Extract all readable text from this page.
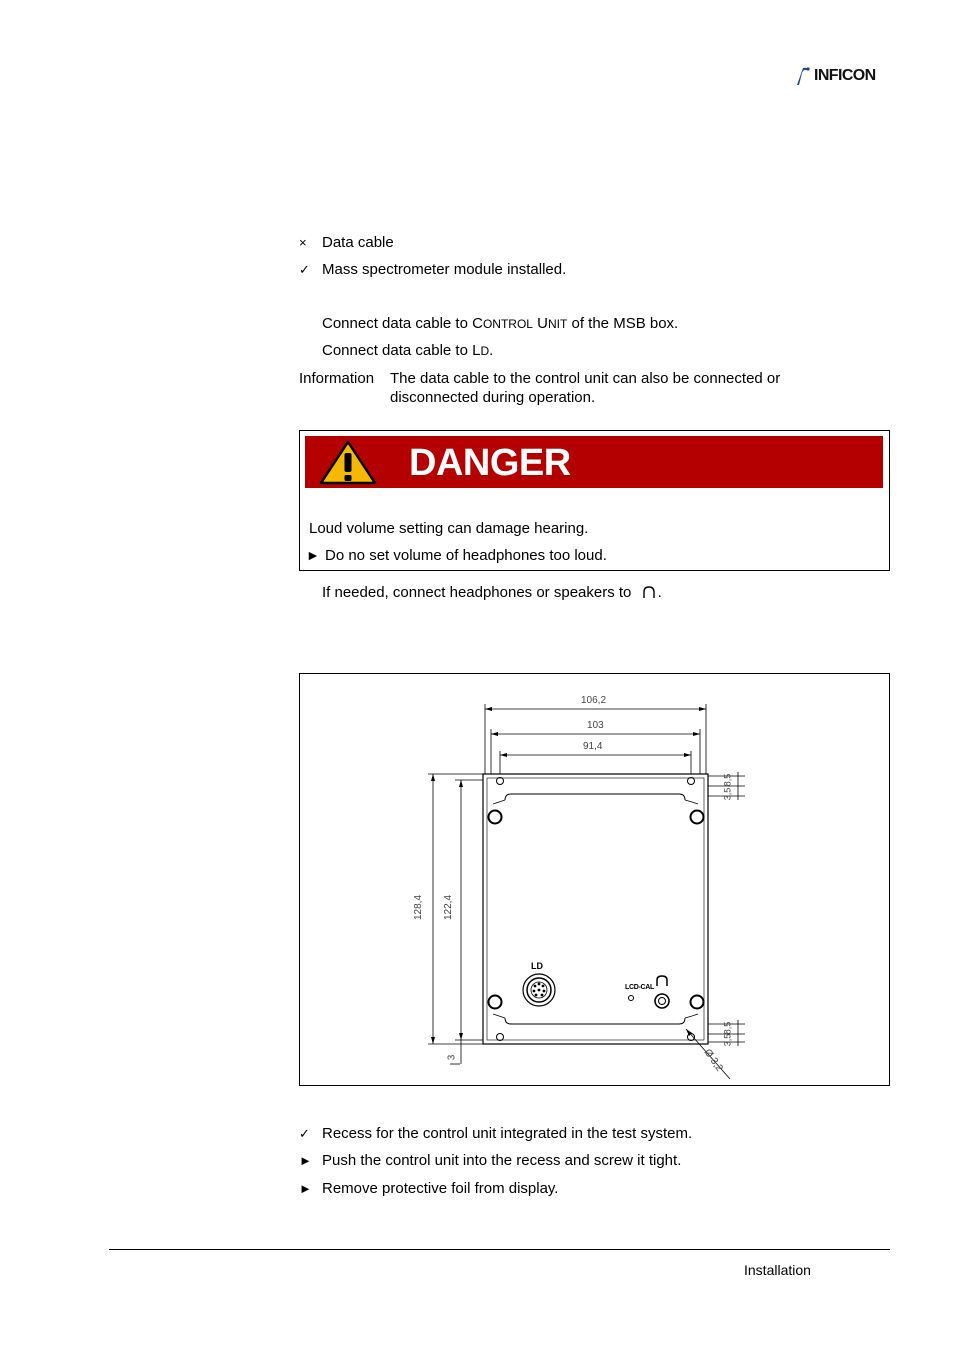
INFICON
×	Data cable
✓ Mass spectrometer module installed.
Connect data cable to CONTROL UNIT of the MSB box.
Connect data cable to LD.
Information	The data cable to the control unit can also be connected or disconnected during operation.
DANGER
Loud volume setting can damage hearing.
► Do no set volume of headphones too loud.
If needed, connect headphones or speakers to .
106,2
103
91,4
128,4 122,4
3
8,5
3,5
8,5
3,5
Ø 3,2
LD
LCD-CAL
✓ Recess for the control unit integrated in the test system.
► Push the control unit into the recess and screw it tight.
► Remove protective foil from display.
Installation
